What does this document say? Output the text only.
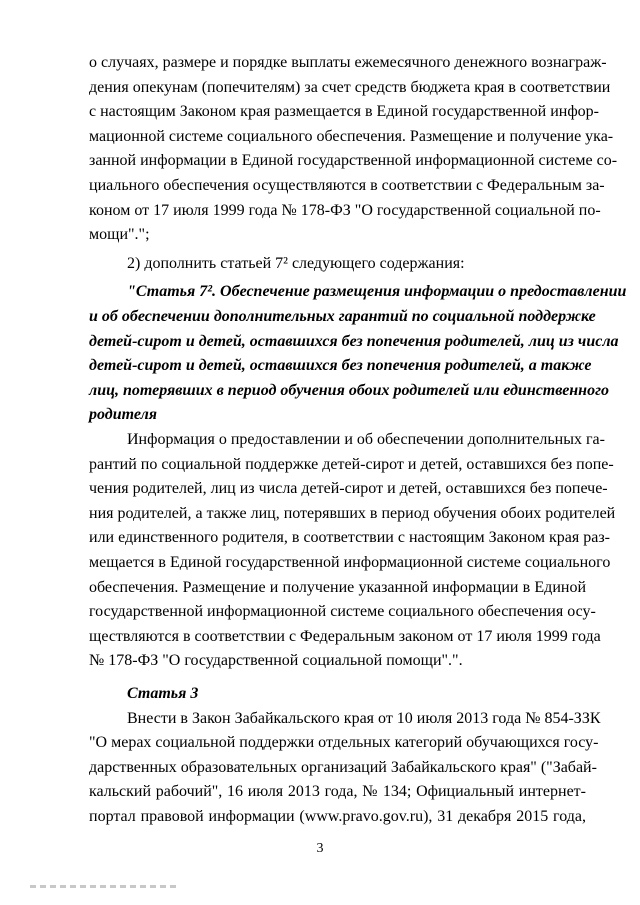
о случаях, размере и порядке выплаты ежемесячного денежного вознаграж-
дения опекунам (попечителям) за счет средств бюджета края в соответствии
с настоящим Законом края размещается в Единой государственной инфор-
мационной системе социального обеспечения. Размещение и получение ука-
занной информации в Единой государственной информационной системе со-
циального обеспечения осуществляются в соответствии с Федеральным за-
коном от 17 июля 1999 года № 178-ФЗ "О государственной социальной по-
мощи".";
2) дополнить статьей 7² следующего содержания:
"Статья 7². Обеспечение размещения информации о предоставлении
и об обеспечении дополнительных гарантий по социальной поддержке
детей-сирот и детей, оставшихся без попечения родителей, лиц из числа
детей-сирот и детей, оставшихся без попечения родителей, а также
лиц, потерявших в период обучения обоих родителей или единственного
родителя
Информация о предоставлении и об обеспечении дополнительных га-
рантий по социальной поддержке детей-сирот и детей, оставшихся без попе-
чения родителей, лиц из числа детей-сирот и детей, оставшихся без попече-
ния родителей, а также лиц, потерявших в период обучения обоих родителей
или единственного родителя, в соответствии с настоящим Законом края раз-
мещается в Единой государственной информационной системе социального
обеспечения. Размещение и получение указанной информации в Единой
государственной информационной системе социального обеспечения осу-
ществляются в соответствии с Федеральным законом от 17 июля 1999 года
№ 178-ФЗ "О государственной социальной помощи".".
Статья 3
Внести в Закон Забайкальского края от 10 июля 2013 года № 854-ЗЗК
"О мерах социальной поддержки отдельных категорий обучающихся госу-
дарственных образовательных организаций Забайкальского края" ("Забай-
кальский рабочий", 16 июля 2013 года, № 134; Официальный интернет-
портал правовой информации (www.pravo.gov.ru), 31 декабря 2015 года,
3
